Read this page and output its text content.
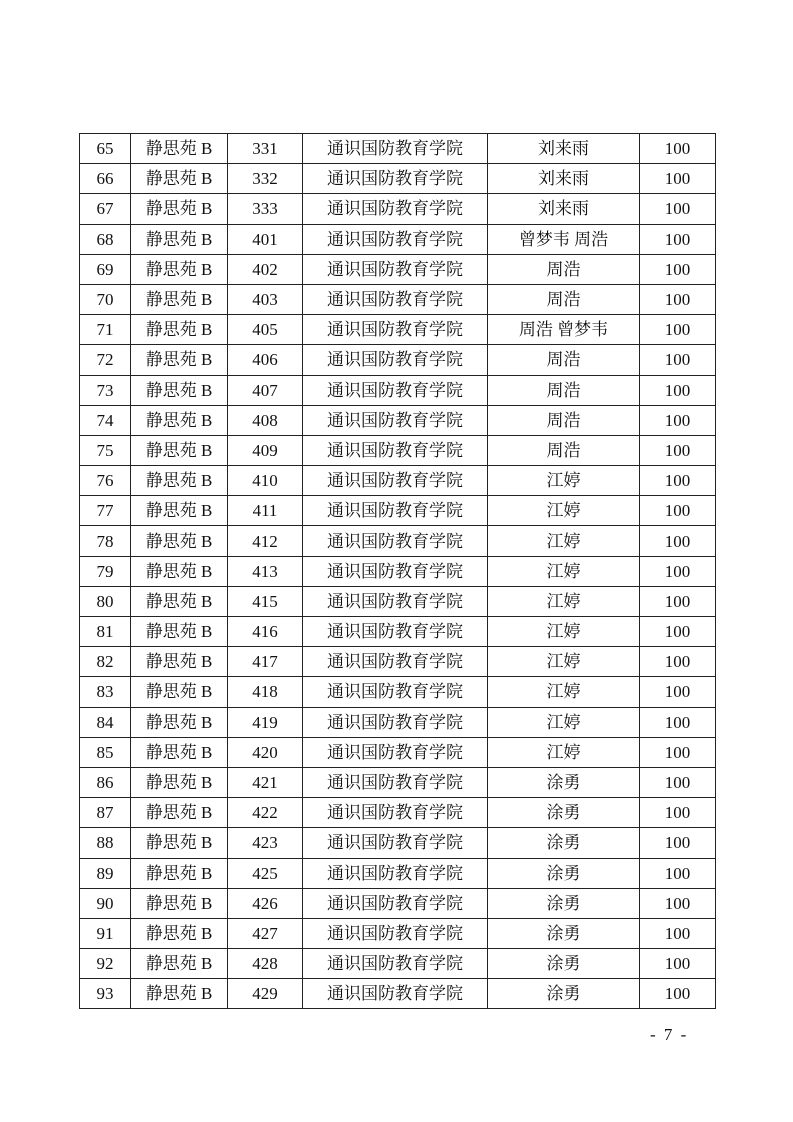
65	静思苑 B	331	通识国防教育学院	刘来雨	100
66	静思苑 B	332	通识国防教育学院	刘来雨	100
67	静思苑 B	333	通识国防教育学院	刘来雨	100
68	静思苑 B	401	通识国防教育学院	曾梦韦 周浩	100
69	静思苑 B	402	通识国防教育学院	周浩	100
70	静思苑 B	403	通识国防教育学院	周浩	100
71	静思苑 B	405	通识国防教育学院	周浩 曾梦韦	100
72	静思苑 B	406	通识国防教育学院	周浩	100
73	静思苑 B	407	通识国防教育学院	周浩	100
74	静思苑 B	408	通识国防教育学院	周浩	100
75	静思苑 B	409	通识国防教育学院	周浩	100
76	静思苑 B	410	通识国防教育学院	江婷	100
77	静思苑 B	411	通识国防教育学院	江婷	100
78	静思苑 B	412	通识国防教育学院	江婷	100
79	静思苑 B	413	通识国防教育学院	江婷	100
80	静思苑 B	415	通识国防教育学院	江婷	100
81	静思苑 B	416	通识国防教育学院	江婷	100
82	静思苑 B	417	通识国防教育学院	江婷	100
83	静思苑 B	418	通识国防教育学院	江婷	100
84	静思苑 B	419	通识国防教育学院	江婷	100
85	静思苑 B	420	通识国防教育学院	江婷	100
86	静思苑 B	421	通识国防教育学院	涂勇	100
87	静思苑 B	422	通识国防教育学院	涂勇	100
88	静思苑 B	423	通识国防教育学院	涂勇	100
89	静思苑 B	425	通识国防教育学院	涂勇	100
90	静思苑 B	426	通识国防教育学院	涂勇	100
91	静思苑 B	427	通识国防教育学院	涂勇	100
92	静思苑 B	428	通识国防教育学院	涂勇	100
93	静思苑 B	429	通识国防教育学院	涂勇	100
- 7 -
